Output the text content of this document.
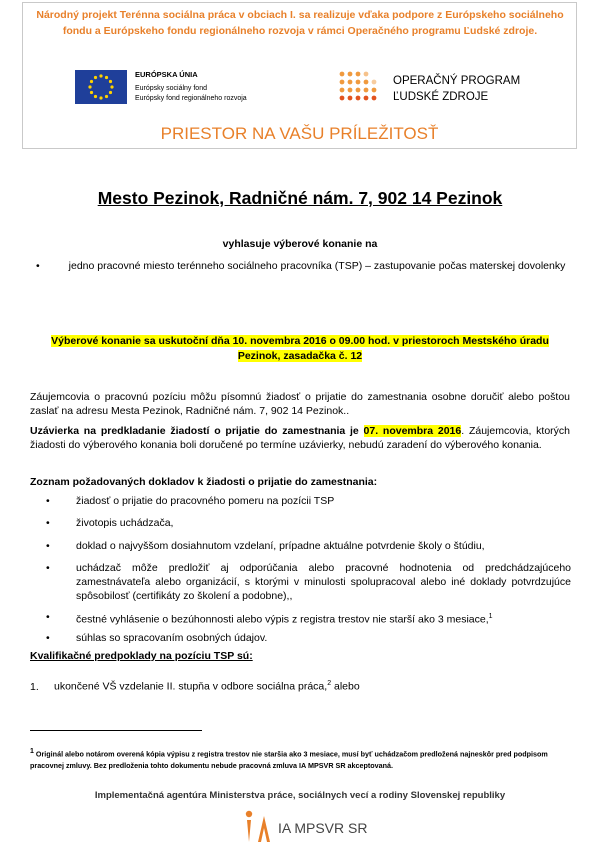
Národný projekt Terénna sociálna práca v obciach I. sa realizuje vďaka podpore z Európskeho sociálneho fondu a Európskeho fondu regionálneho rozvoja v rámci Operačného programu Ľudské zdroje.
EURÓPSKA ÚNIA
Európsky sociálny fond
Európsky fond regionálneho rozvoja
OPERAČNÝ PROGRAM
ĽUDSKÉ ZDROJE
PRIESTOR NA VAŠU PRÍLEŽITOSŤ
Mesto Pezinok, Radničné nám. 7, 902 14 Pezinok
vyhlasuje výberové konanie na
•	jedno pracovné miesto terénneho sociálneho pracovníka (TSP) – zastupovanie počas materskej dovolenky
Výberové konanie sa uskutoční dňa 10. novembra 2016 o 09.00 hod. v priestoroch Mestského úradu Pezinok, zasadačka č. 12
Záujemcovia o pracovnú pozíciu môžu písomnú žiadosť o prijatie do zamestnania osobne doručiť alebo poštou zaslať na adresu Mesta Pezinok, Radničné nám. 7, 902 14 Pezinok..
Uzávierka na predkladanie žiadostí o prijatie do zamestnania je 07. novembra 2016. Záujemcovia, ktorých žiadosti do výberového konania boli doručené po termíne uzávierky, nebudú zaradení do výberového konania.
Zoznam požadovaných dokladov k žiadosti o prijatie do zamestnania:
•	žiadosť o prijatie do pracovného pomeru na pozícii TSP
•	životopis uchádzača,
•	doklad o najvyššom dosiahnutom vzdelaní, prípadne aktuálne potvrdenie školy o štúdiu,
•	uchádzač môže predložiť aj odporúčania alebo pracovné hodnotenia od predchádzajúceho zamestnávateľa alebo organizácií, s ktorými v minulosti spolupracoval alebo iné doklady potvrdzujúce spôsobilosť (certifikáty zo školení a podobne),,
•	čestné vyhlásenie o bezúhonnosti alebo výpis z registra trestov nie starší ako 3 mesiace,$^1$
•	súhlas so spracovaním osobných údajov.
Kvalifikačné predpoklady na pozíciu TSP sú:
1. ukončené VŠ vzdelanie II. stupňa v odbore sociálna práca,$^2$ alebo
$^1$ Originál alebo notárom overená kópia výpisu z registra trestov nie staršia ako 3 mesiace, musí byť uchádzačom predložená najneskôr pred podpisom pracovnej zmluvy. Bez predloženia tohto dokumentu nebude pracovná zmluva IA MPSVR SR akceptovaná.
Implementačná agentúra Ministerstva práce, sociálnych vecí a rodiny Slovenskej republiky
IA MPSVR SR
